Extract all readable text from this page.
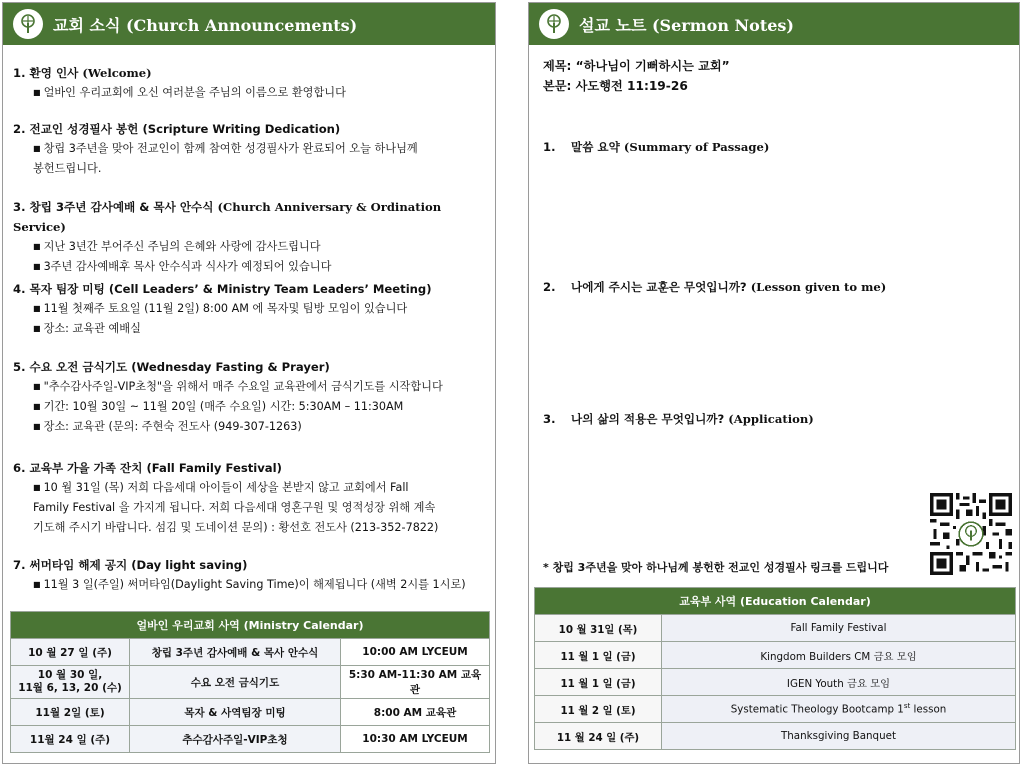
교회 소식 (Church Announcements)
1. 환영 인사 (Welcome)
■ 얼바인 우리교회에 오신 여러분을 주님의 이름으로 환영합니다
2. 전교인 성경필사 봉헌 (Scripture Writing Dedication)
■ 창립 3주년을 맞아 전교인이 함께 참여한 성경필사가 완료되어 오늘 하나님께
봉헌드립니다.
3. 창립 3주년 감사예배 & 목사 안수식 (Church Anniversary & Ordination Service)
■ 지난 3년간 부어주신 주님의 은혜와 사랑에 감사드립니다
■ 3주년 감사예배후 목사 안수식과 식사가 예정되어 있습니다
4. 목자 팀장 미팅 (Cell Leaders’ & Ministry Team Leaders’ Meeting)
■ 11월 첫째주 토요일 (11월 2일) 8:00 AM 에 목자및 팀방 모임이 있습니다
■ 장소: 교육관 예배실
5. 수요 오전 금식기도 (Wednesday Fasting & Prayer)
■ "추수감사주일-VIP초청"을 위해서 매주 수요일 교육관에서 금식기도를 시작합니다
■ 기간: 10월 30일 ~ 11월 20일 (매주 수요일) 시간: 5:30AM – 11:30AM
■ 장소: 교육관 (문의: 주현숙 전도사 (949-307-1263)
6. 교육부 가을 가족 잔치 (Fall Family Festival)
■ 10 월 31일 (목) 저희 다음세대 아이들이 세상을 본받지 않고 교회에서 Fall
Family Festival 을 가지게 됩니다. 저희 다음세대 영혼구원 및 영적성장 위해 계속
기도해 주시기 바랍니다. 섬김 및 도네이션 문의) : 황선호 전도사 (213-352-7822)
7. 써머타임 해제 공지 (Day light saving)
■ 11월 3 일(주일) 써머타임(Daylight Saving Time)이 해제됩니다 (새벽 2시를 1시로)
얼바인 우리교회 사역 (Ministry Calendar)		
10 월 27 일 (주)	창립 3주년 감사예배 & 목사 안수식	10:00 AM LYCEUM
10 월 30 일,
11월 6, 13, 20 (수)	수요 오전 금식기도	5:30 AM-11:30 AM 교육관
11월 2일 (토)	목자 & 사역팀장 미팅	8:00 AM 교육관
11월 24 일 (주)	추수감사주일-VIP초청	10:30 AM LYCEUM
설교 노트 (Sermon Notes)
제목: “하나님이 기뻐하시는 교회”
본문: 사도행전 11:19-26
1. 말씀 요약 (Summary of Passage)
2. 나에게 주시는 교훈은 무엇입니까? (Lesson given to me)
3. 나의 삶의 적용은 무엇입니까? (Application)
* 창립 3주년을 맞아 하나님께 봉헌한 전교인 성경필사 링크를 드립니다
교육부 사역 (Education Calendar)	
10 월 31일 (목)	Fall Family Festival
11 월 1 일 (금)	Kingdom Builders CM 금요 모임
11 월 1 일 (금)	IGEN Youth 금요 모임
11 월 2 일 (토)	Systematic Theology Bootcamp 1st lesson
11 월 24 일 (주)	Thanksgiving Banquet
